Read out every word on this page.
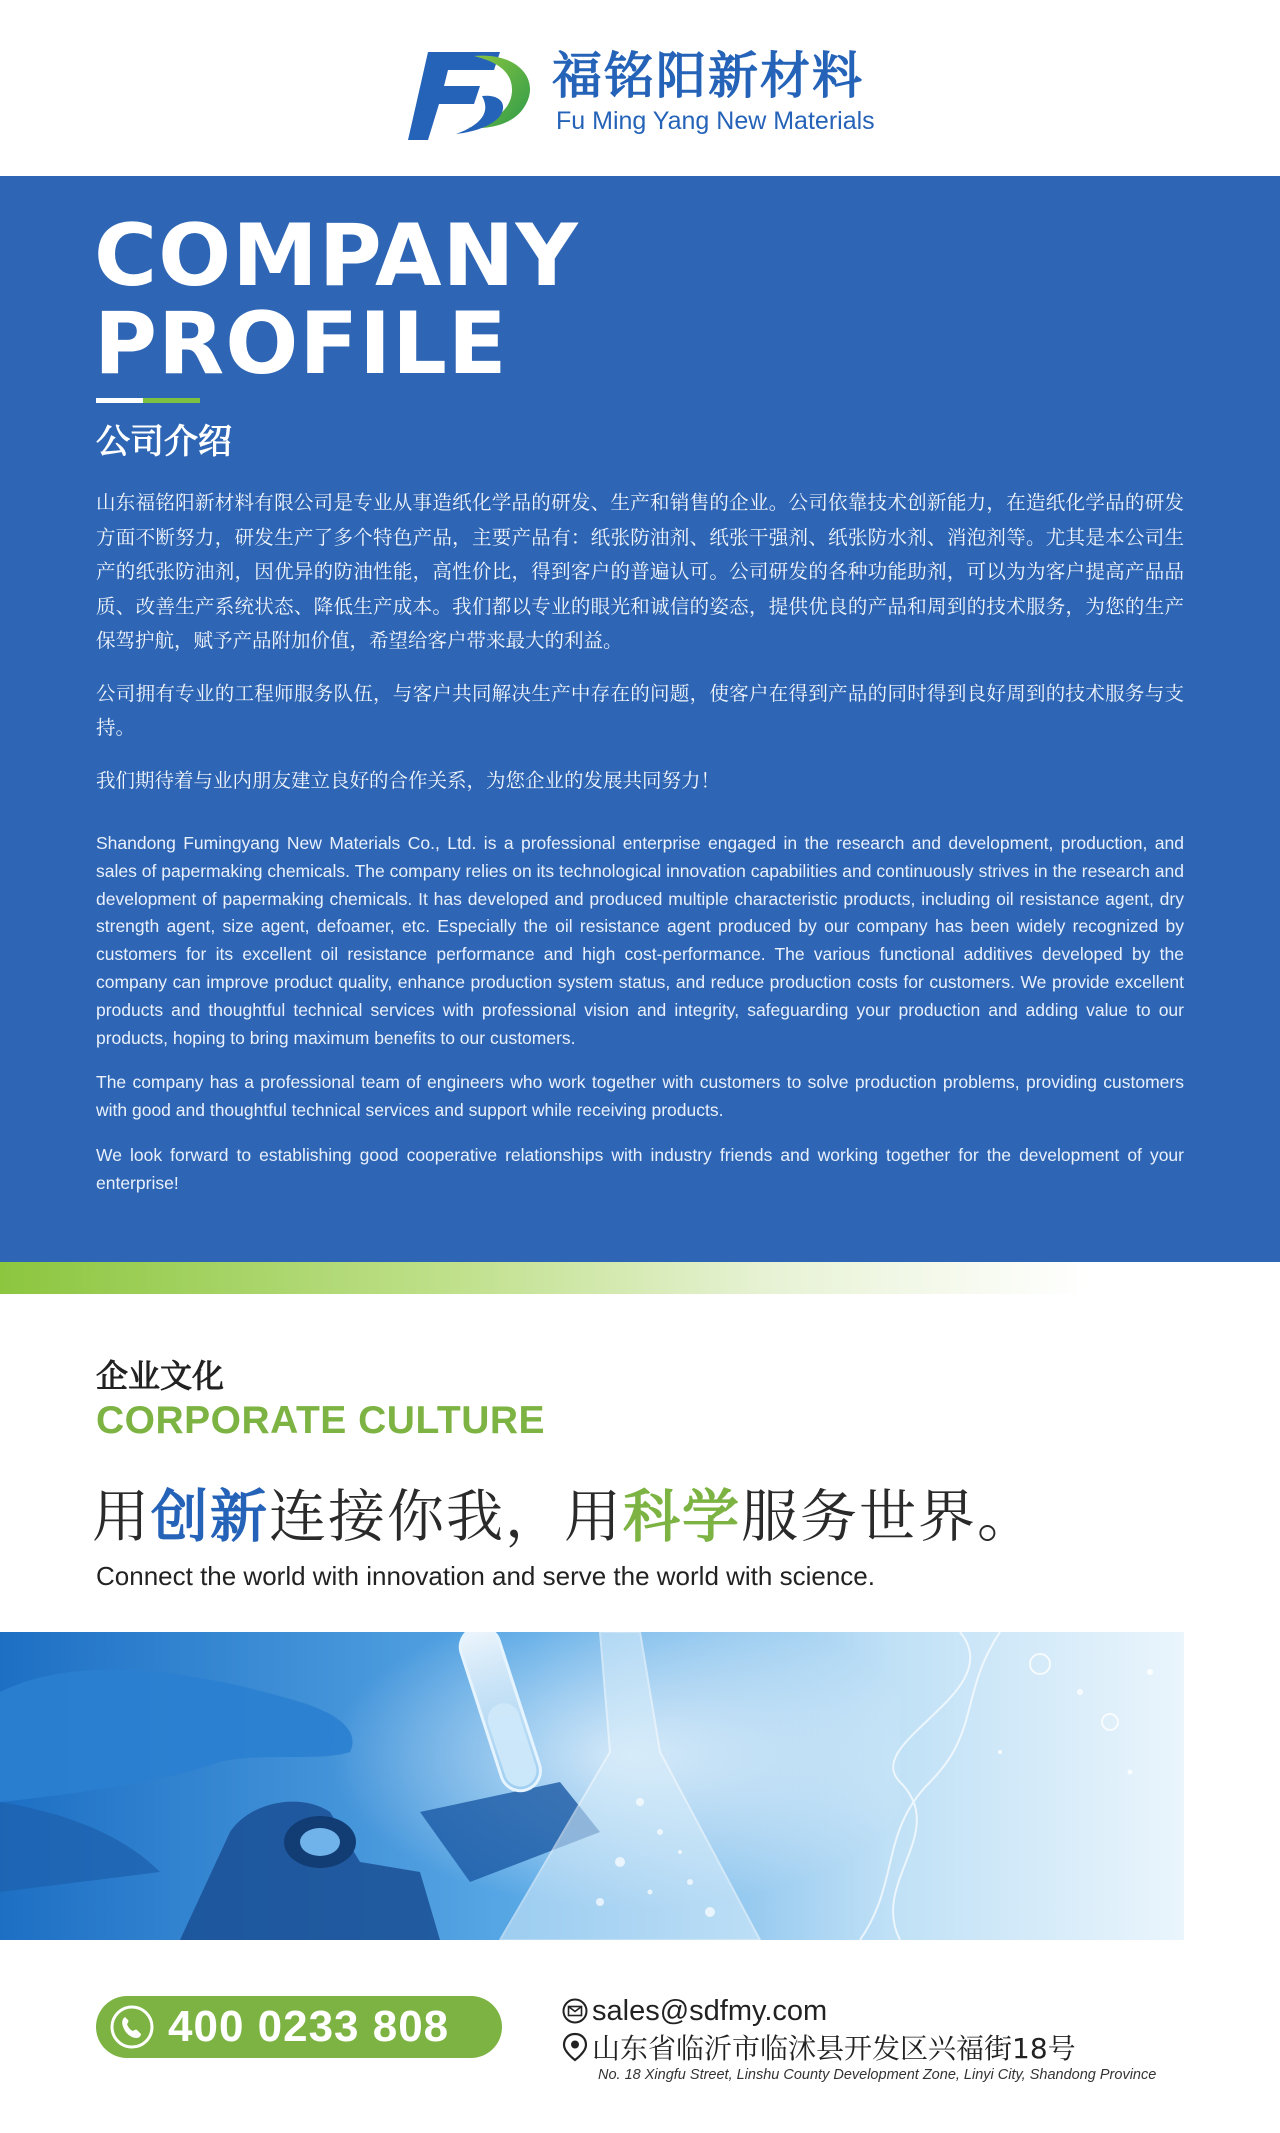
福铭阳新材料
Fu Ming Yang New Materials
COMPANY
PROFILE
公司介绍

山东福铭阳新材料有限公司是专业从事造纸化学品的研发、生产和销售的企业。公司依靠技术创新能力，在造纸化学品的研发方面不断努力，研发生产了多个特色产品，主要产品有：纸张防油剂、纸张干强剂、纸张防水剂、消泡剂等。尤其是本公司生产的纸张防油剂，因优异的防油性能，高性价比，得到客户的普遍认可。公司研发的各种功能助剂，可以为为客户提高产品品质、改善生产系统状态、降低生产成本。我们都以专业的眼光和诚信的姿态，提供优良的产品和周到的技术服务，为您的生产保驾护航，赋予产品附加价值，希望给客户带来最大的利益。

公司拥有专业的工程师服务队伍，与客户共同解决生产中存在的问题，使客户在得到产品的同时得到良好周到的技术服务与支持。

我们期待着与业内朋友建立良好的合作关系，为您企业的发展共同努力！

Shandong Fumingyang New Materials Co., Ltd. is a professional enterprise engaged in the research and development, production, and sales of papermaking chemicals. The company relies on its technological innovation capabilities and continuously strives in the research and development of papermaking chemicals. It has developed and produced multiple characteristic products, including oil resistance agent, dry strength agent, size agent, defoamer, etc. Especially the oil resistance agent produced by our company has been widely recognized by customers for its excellent oil resistance performance and high cost-performance. The various functional additives developed by the company can improve product quality, enhance production system status, and reduce production costs for customers. We provide excellent products and thoughtful technical services with professional vision and integrity, safeguarding your production and adding value to our products, hoping to bring maximum benefits to our customers.

The company has a professional team of engineers who work together with customers to solve production problems, providing customers with good and thoughtful technical services and support while receiving products.

We look forward to establishing good cooperative relationships with industry friends and working together for the development of your enterprise!

企业文化
CORPORATE CULTURE
用创新连接你我，用科学服务世界。
Connect the world with innovation and serve the world with science.
400 0233 808	sales@sdfmy.com
山东省临沂市临沭县开发区兴福街18号
No. 18 Xingfu Street, Linshu County Development Zone, Linyi City, Shandong Province
